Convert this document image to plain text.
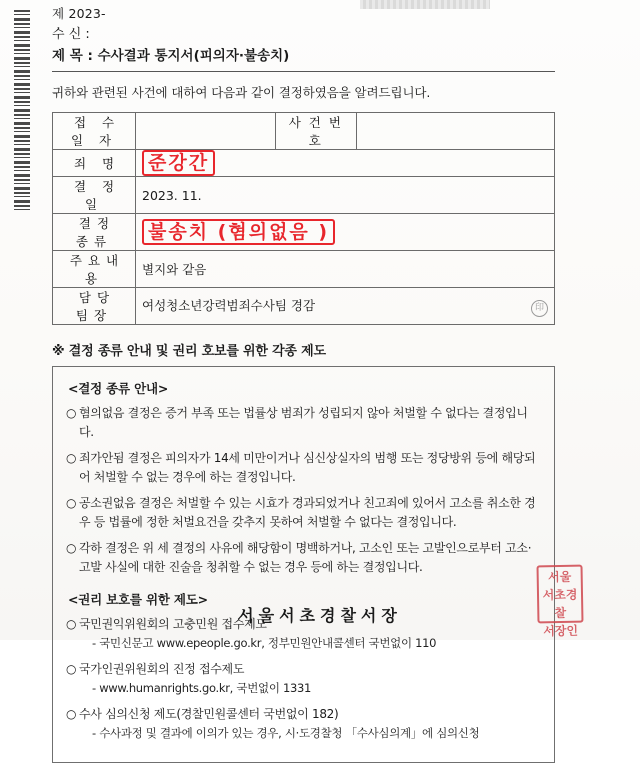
제 2023-
수 신 :
제 목 : 수사결과 통지서(피의자·불송치)
귀하와 관련된 사건에 대하여 다음과 같이 결정하였음을 알려드립니다.
접 수 일 자		사 건 번 호	
죄 명	준강간		
결 정 일	2023. 11.		
결정 종류	불송치 (혐의없음 )		
주요내용	별지와 같음		
담당 팀장	여성청소년강력범죄수사팀 경감 印		
※ 결정 종류 안내 및 권리 호보를 위한 각종 제도
<결정 종류 안내>
○ 혐의없음 결정은 증거 부족 또는 법률상 범죄가 성립되지 않아 처벌할 수 없다는 결정입니다.
○ 죄가안됨 결정은 피의자가 14세 미만이거나 심신상실자의 범행 또는 정당방위 등에 해당되어 처벌할 수 없는 경우에 하는 결정입니다.
○ 공소권없음 결정은 처벌할 수 있는 시효가 경과되었거나 친고죄에 있어서 고소를 취소한 경우 등 법률에 정한 처벌요건을 갖추지 못하여 처벌할 수 없다는 결정입니다.
○ 각하 결정은 위 세 결정의 사유에 해당함이 명백하거나, 고소인 또는 고발인으로부터 고소·고발 사실에 대한 진술을 청취할 수 없는 경우 등에 하는 결정입니다.
<권리 보호를 위한 제도>
○ 국민권익위원회의 고충민원 접수제도
- 국민신문고 www.epeople.go.kr, 정부민원안내콜센터 국번없이 110
○ 국가인권위원회의 진정 접수제도
- www.humanrights.go.kr, 국번없이 1331
○ 수사 심의신청 제도(경찰민원콜센터 국번없이 182)
- 수사과정 및 결과에 이의가 있는 경우, 시·도경찰청 「수사심의계」에 심의신청
서울
서초경찰
서장인
서울서초경찰서장
